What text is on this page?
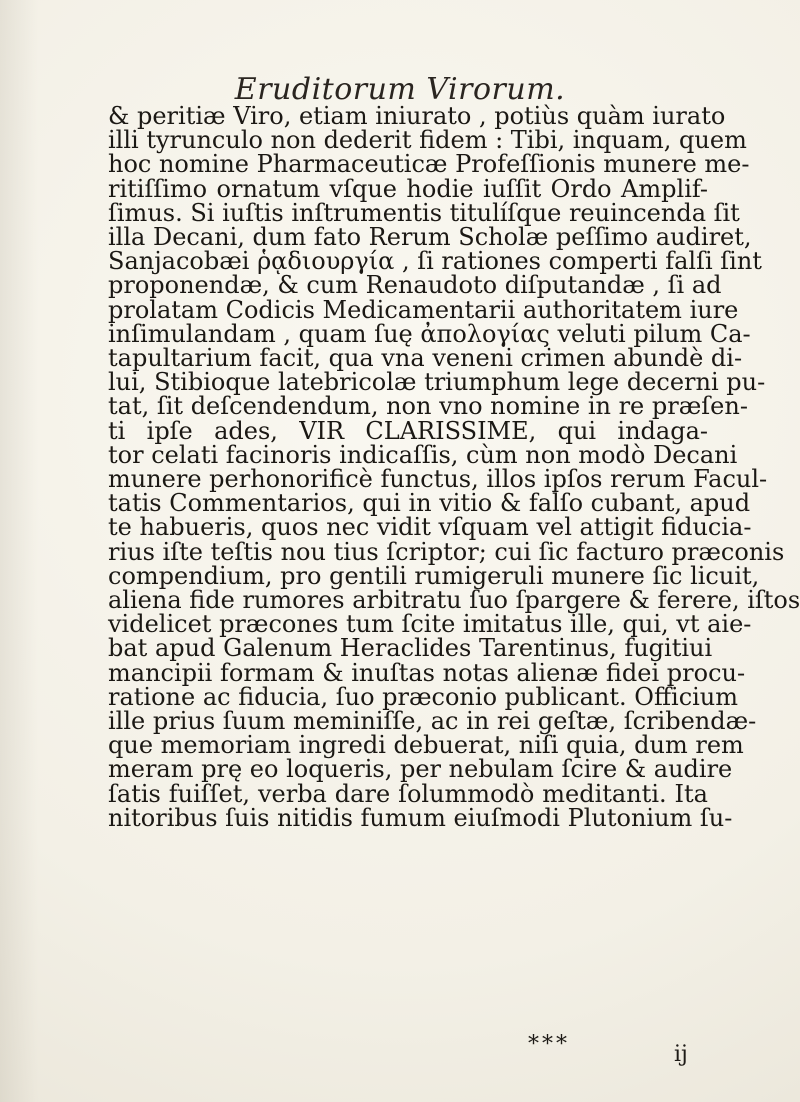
Eruditorum Virorum.
& peritiæ Viro, etiam iniurato , potiùs quàm iurato
illi tyrunculo non dederit fidem : Tibi, inquam, quem
hoc nomine Pharmaceuticæ Profeſſionis munere me-
ritiſſimo ornatum vſque hodie iuſſit Ordo Amplif-
ſimus. Si iuſtis inſtrumentis titulíſque reuincenda ſit
illa Decani, dum fato Rerum Scholæ peſſimo audiret,
Sanjacobæi ῥᾳδιουργία , ſi rationes comperti falſi ſint
proponendæ, & cum Renaudoto diſputandæ , ſi ad
prolatam Codicis Medicamentarii authoritatem iure
inſimulandam , quam ſuę ἀπολογίας veluti pilum Ca-
tapultarium facit, qua vna veneni crimen abundè di-
lui, Stibioque latebricolæ triumphum lege decerni pu-
tat, ſit deſcendendum, non vno nomine in re præſen-
ti ipſe ades, VIR CLARISSIME, qui indaga-
tor celati facinoris indicaſſis, cùm non modò Decani
munere perhonorificè functus, illos ipſos rerum Facul-
tatis Commentarios, qui in vitio & falſo cubant, apud
te habueris, quos nec vidit vſquam vel attigit fiducia-
rius iſte teſtis nou tius ſcriptor; cui ſic facturo præconis
compendium, pro gentili rumigeruli munere ſic licuit,
aliena fide rumores arbitratu ſuo ſpargere & ferere, iſtos
videlicet præcones tum ſcite imitatus ille, qui, vt aie-
bat apud Galenum Heraclides Tarentinus, fugitiui
mancipii formam & inuſtas notas alienæ fidei procu-
ratione ac fiducia, ſuo præconio publicant. Officium
ille prius ſuum meminiſſe, ac in rei geſtæ, ſcribendæ-
que memoriam ingredi debuerat, niſi quia, dum rem
meram prę eo loqueris, per nebulam ſcire & audire
ſatis fuiſſet, verba dare ſolummodò meditanti. Ita
nitoribus ſuis nitidis fumum eiuſmodi Plutonium ſu-
***	ij
